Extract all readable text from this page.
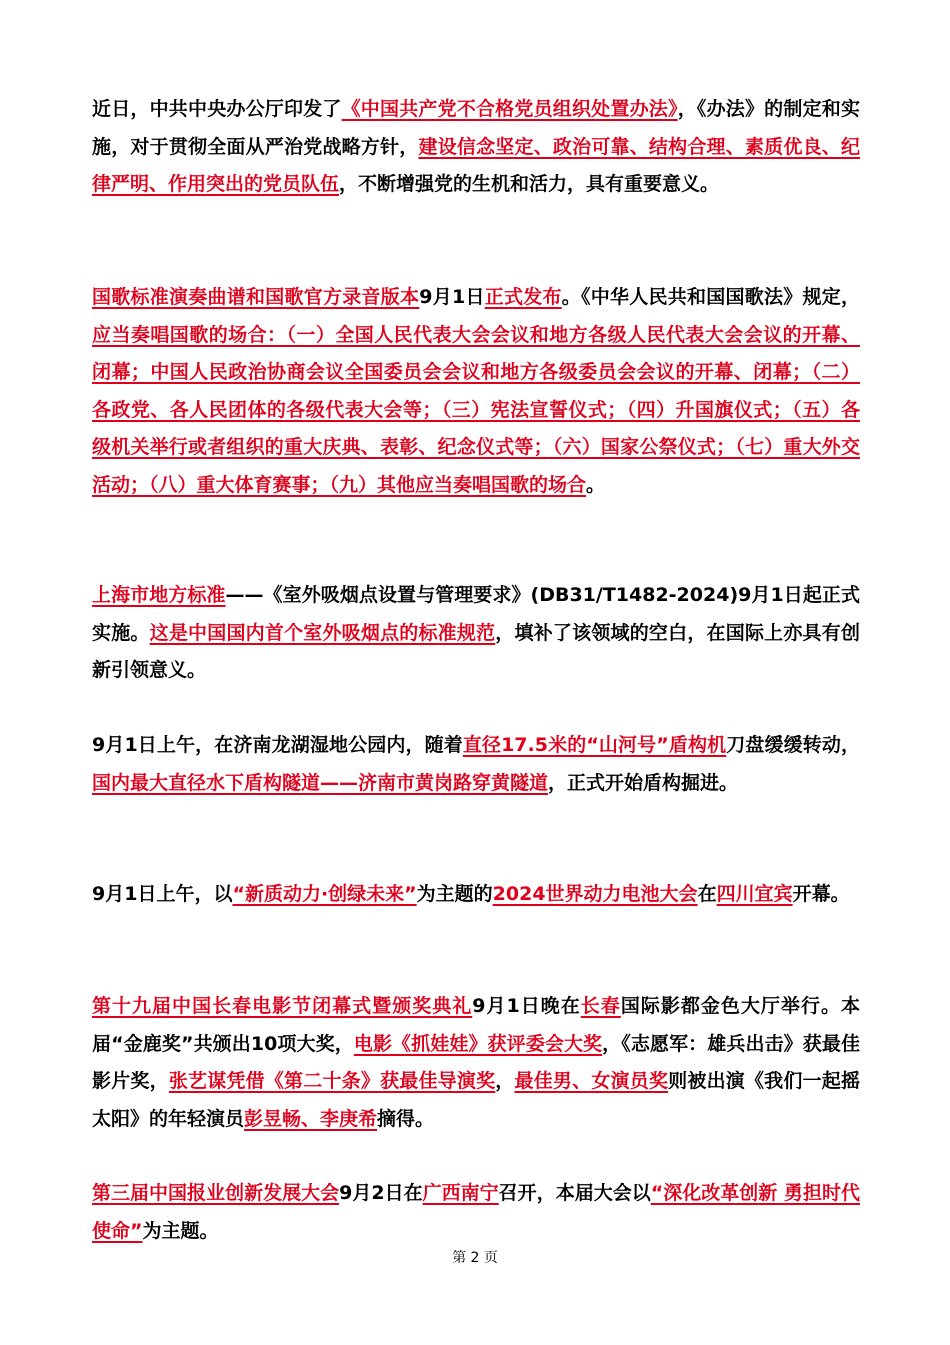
近日，中共中央办公厅印发了《中国共产党不合格党员组织处置办法》，《办法》的制定和实施，对于贯彻全面从严治党战略方针，建设信念坚定、政治可靠、结构合理、素质优良、纪律严明、作用突出的党员队伍，不断增强党的生机和活力，具有重要意义。

国歌标准演奏曲谱和国歌官方录音版本9月1日正式发布。《中华人民共和国国歌法》规定，应当奏唱国歌的场合：（一）全国人民代表大会会议和地方各级人民代表大会会议的开幕、闭幕；中国人民政治协商会议全国委员会会议和地方各级委员会会议的开幕、闭幕；（二）各政党、各人民团体的各级代表大会等；（三）宪法宣誓仪式；（四）升国旗仪式；（五）各级机关举行或者组织的重大庆典、表彰、纪念仪式等；（六）国家公祭仪式；（七）重大外交活动；（八）重大体育赛事；（九）其他应当奏唱国歌的场合。

上海市地方标准——《室外吸烟点设置与管理要求》(DB31/T1482-2024)9月1日起正式实施。这是中国国内首个室外吸烟点的标准规范，填补了该领域的空白，在国际上亦具有创新引领意义。

9月1日上午，在济南龙湖湿地公园内，随着直径17.5米的“山河号”盾构机刀盘缓缓转动，国内最大直径水下盾构隧道——济南市黄岗路穿黄隧道，正式开始盾构掘进。

9月1日上午，以“新质动力·创绿未来”为主题的2024世界动力电池大会在四川宜宾开幕。

第十九届中国长春电影节闭幕式暨颁奖典礼9月1日晚在长春国际影都金色大厅举行。本届“金鹿奖”共颁出10项大奖，电影《抓娃娃》获评委会大奖，《志愿军：雄兵出击》获最佳影片奖，张艺谋凭借《第二十条》获最佳导演奖，最佳男、女演员奖则被出演《我们一起摇太阳》的年轻演员彭昱畅、李庚希摘得。

第三届中国报业创新发展大会9月2日在广西南宁召开，本届大会以“深化改革创新 勇担时代使命”为主题。

第 2 页
